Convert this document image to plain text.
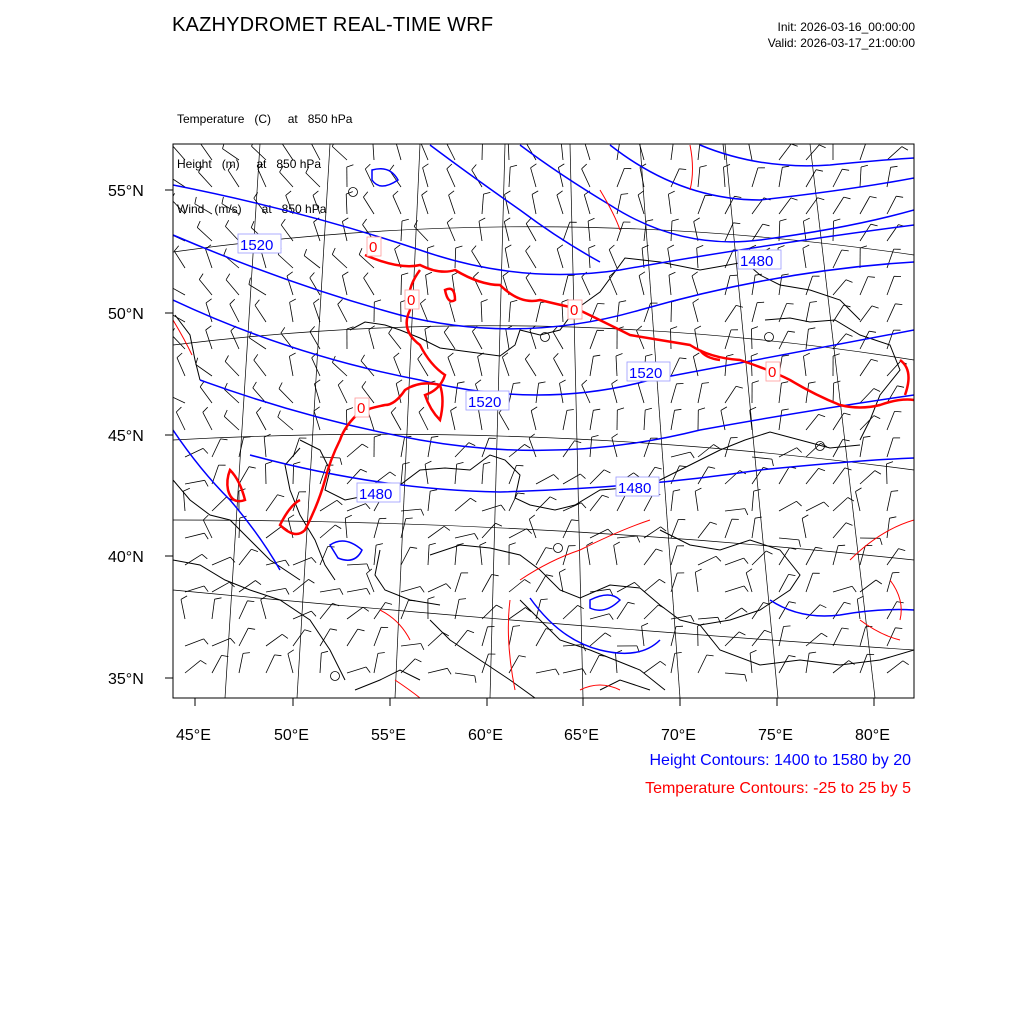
KAZHYDROMET REAL-TIME WRF	Init: 2026-03-16_00:00:00
Valid: 2026-03-17_21:00:00

Temperature   (C)     at   850 hPa

Height   (m)     at   850 hPa

Wind   (m/s)      at   850 hPa

1520
1480
1520
1520
1480	1480
0
0
0
0
0
55°N
50°N
45°N
40°N
35°N
45°E	50°E	55°E	60°E	65°E	70°E	75°E	80°E
Height Contours: 1400 to 1580 by 20
Temperature Contours: -25 to 25 by 5
